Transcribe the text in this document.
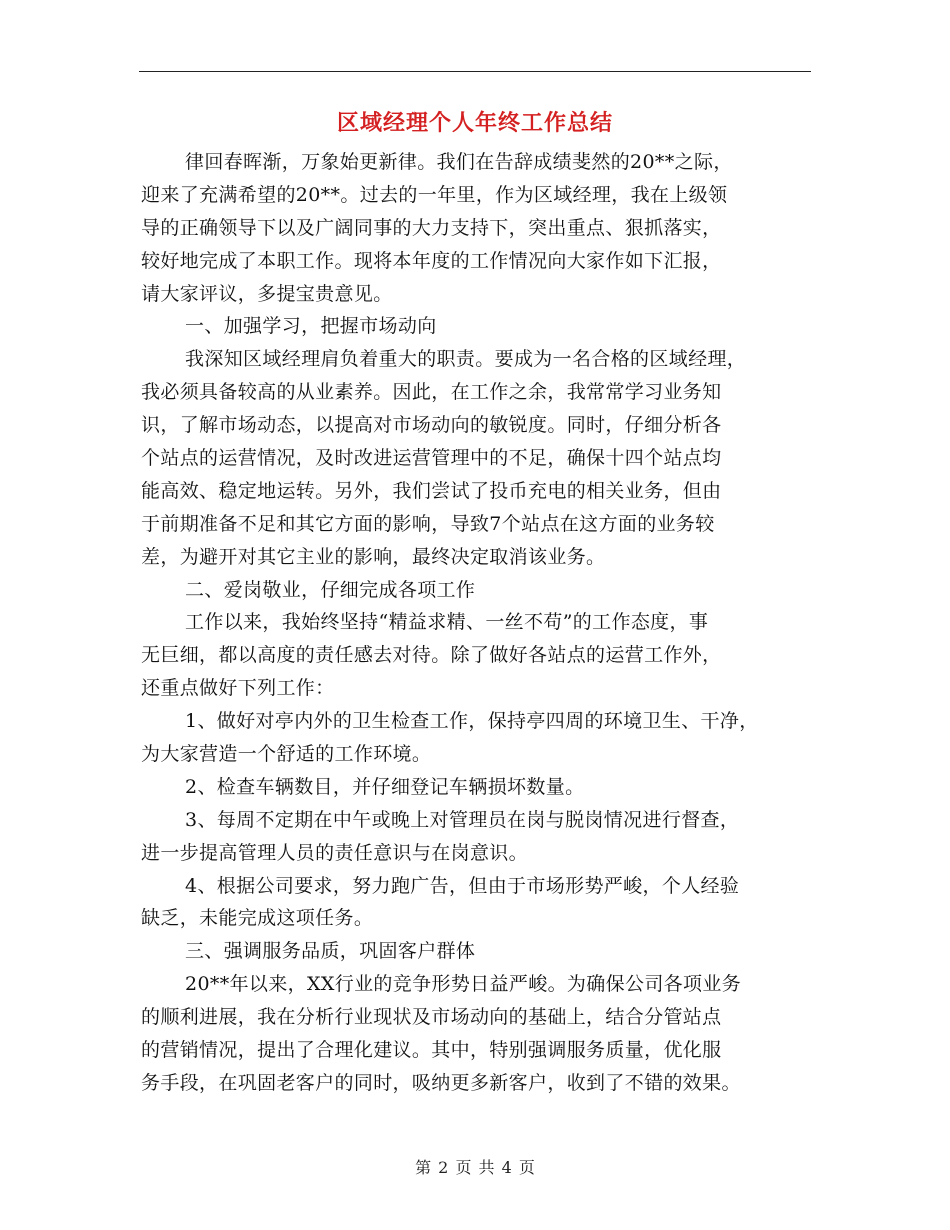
区域经理个人年终工作总结
律回春晖渐，万象始更新律。我们在告辞成绩斐然的20**之际，
迎来了充满希望的20**。过去的一年里，作为区域经理，我在上级领
导的正确领导下以及广阔同事的大力支持下，突出重点、狠抓落实，
较好地完成了本职工作。现将本年度的工作情况向大家作如下汇报，
请大家评议，多提宝贵意见。
一、加强学习，把握市场动向
我深知区域经理肩负着重大的职责。要成为一名合格的区域经理，
我必须具备较高的从业素养。因此，在工作之余，我常常学习业务知
识，了解市场动态，以提高对市场动向的敏锐度。同时，仔细分析各
个站点的运营情况，及时改进运营管理中的不足，确保十四个站点均
能高效、稳定地运转。另外，我们尝试了投币充电的相关业务，但由
于前期准备不足和其它方面的影响，导致7个站点在这方面的业务较
差，为避开对其它主业的影响，最终决定取消该业务。
二、爱岗敬业，仔细完成各项工作
工作以来，我始终坚持“精益求精、一丝不苟”的工作态度，事
无巨细，都以高度的责任感去对待。除了做好各站点的运营工作外，
还重点做好下列工作：
1、做好对亭内外的卫生检查工作，保持亭四周的环境卫生、干净，
为大家营造一个舒适的工作环境。
2、检查车辆数目，并仔细登记车辆损坏数量。
3、每周不定期在中午或晚上对管理员在岗与脱岗情况进行督查，
进一步提高管理人员的责任意识与在岗意识。
4、根据公司要求，努力跑广告，但由于市场形势严峻，个人经验
缺乏，未能完成这项任务。
三、强调服务品质，巩固客户群体
20**年以来，XX行业的竞争形势日益严峻。为确保公司各项业务
的顺利进展，我在分析行业现状及市场动向的基础上，结合分管站点
的营销情况，提出了合理化建议。其中，特别强调服务质量，优化服
务手段，在巩固老客户的同时，吸纳更多新客户，收到了不错的效果。
第 2 页 共 4 页
